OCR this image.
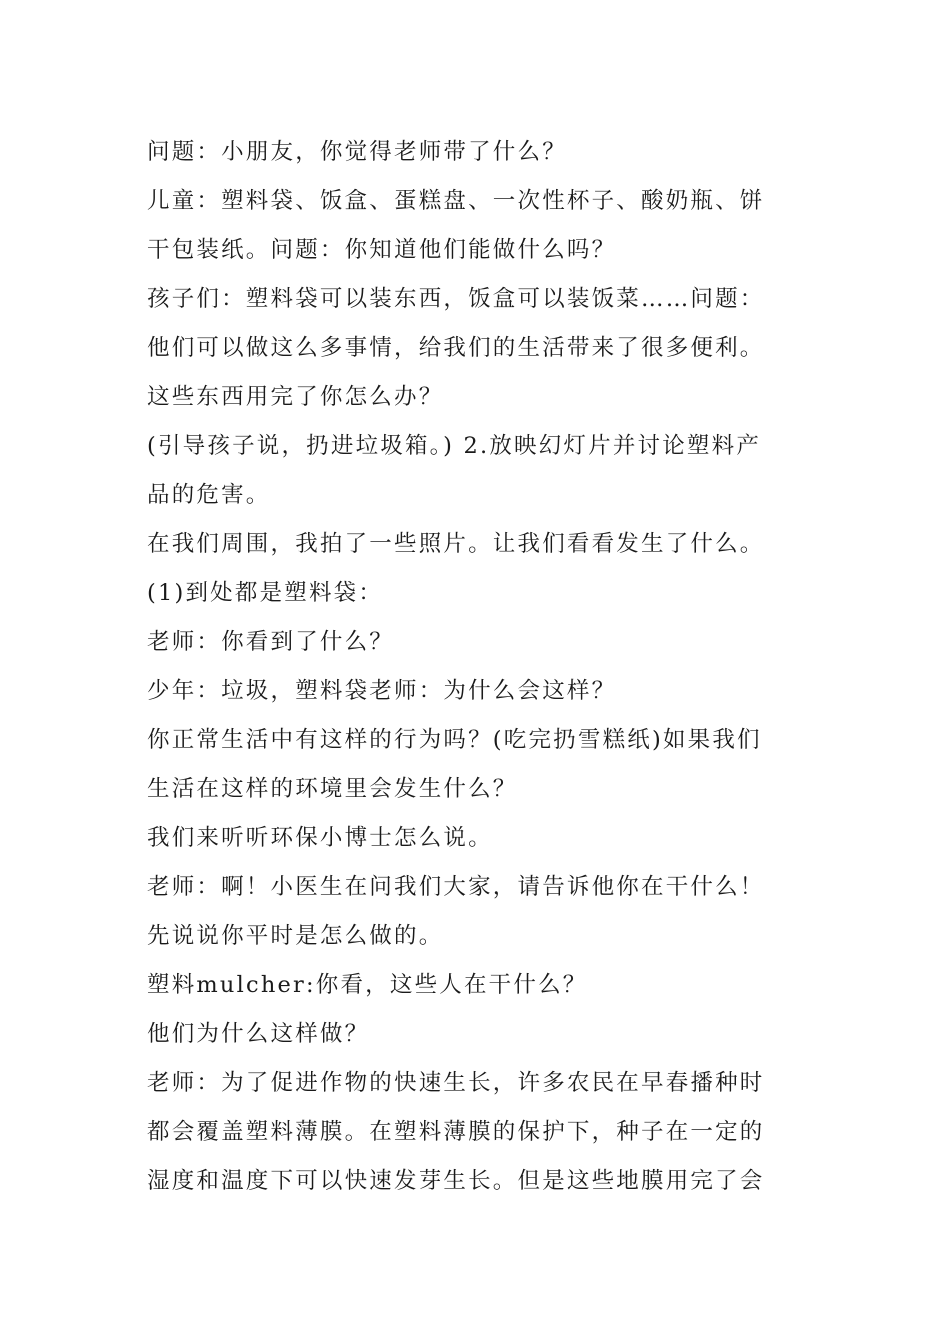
问题：小朋友，你觉得老师带了什么？
儿童：塑料袋、饭盒、蛋糕盘、一次性杯子、酸奶瓶、饼
干包装纸。问题：你知道他们能做什么吗？
孩子们：塑料袋可以装东西，饭盒可以装饭菜……问题：
他们可以做这么多事情，给我们的生活带来了很多便利。
这些东西用完了你怎么办？
(引导孩子说，扔进垃圾箱。) 2.放映幻灯片并讨论塑料产
品的危害。
在我们周围，我拍了一些照片。让我们看看发生了什么。
(1)到处都是塑料袋：
老师：你看到了什么？
少年：垃圾，塑料袋老师：为什么会这样？
你正常生活中有这样的行为吗？(吃完扔雪糕纸)如果我们
生活在这样的环境里会发生什么？
我们来听听环保小博士怎么说。
老师：啊！小医生在问我们大家，请告诉他你在干什么！
先说说你平时是怎么做的。
塑料mulcher:你看，这些人在干什么？
他们为什么这样做？
老师：为了促进作物的快速生长，许多农民在早春播种时
都会覆盖塑料薄膜。在塑料薄膜的保护下，种子在一定的
湿度和温度下可以快速发芽生长。但是这些地膜用完了会
